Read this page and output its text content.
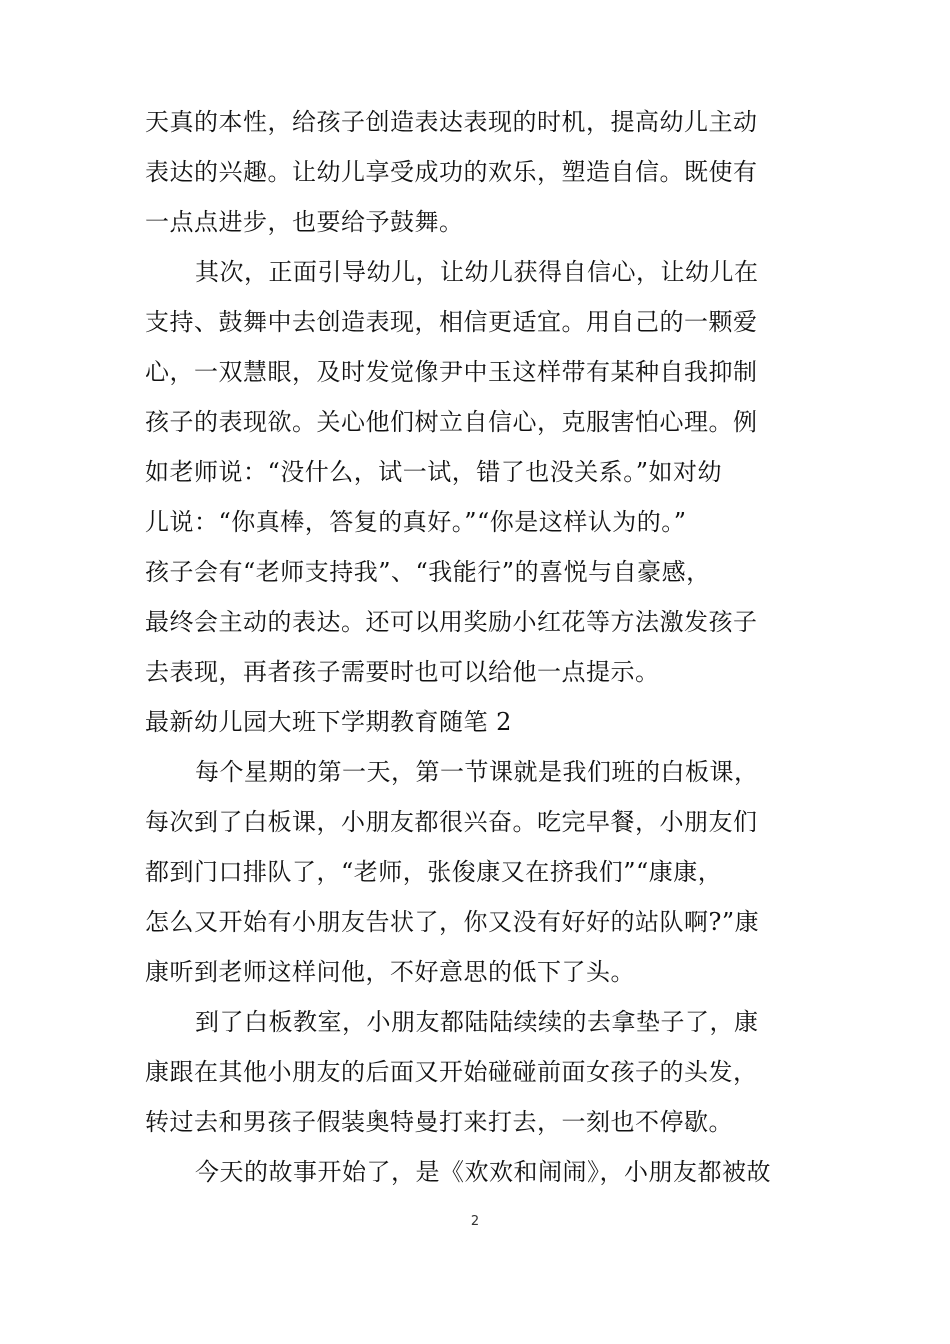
天真的本性，给孩子创造表达表现的时机，提高幼儿主动
表达的兴趣。让幼儿享受成功的欢乐，塑造自信。既使有
一点点进步，也要给予鼓舞。
其次，正面引导幼儿，让幼儿获得自信心，让幼儿在
支持、鼓舞中去创造表现，相信更适宜。用自己的一颗爱
心，一双慧眼，及时发觉像尹中玉这样带有某种自我抑制
孩子的表现欲。关心他们树立自信心，克服害怕心理。例
如老师说：“没什么，试一试，错了也没关系。”如对幼
儿说：“你真棒，答复的真好。”“你是这样认为的。”
孩子会有“老师支持我”、“我能行”的喜悦与自豪感，
最终会主动的表达。还可以用奖励小红花等方法激发孩子
去表现，再者孩子需要时也可以给他一点提示。
最新幼儿园大班下学期教育随笔 2
每个星期的第一天，第一节课就是我们班的白板课，
每次到了白板课，小朋友都很兴奋。吃完早餐，小朋友们
都到门口排队了，“老师，张俊康又在挤我们”“康康，
怎么又开始有小朋友告状了，你又没有好好的站队啊?”康
康听到老师这样问他，不好意思的低下了头。
到了白板教室，小朋友都陆陆续续的去拿垫子了，康
康跟在其他小朋友的后面又开始碰碰前面女孩子的头发，
转过去和男孩子假装奥特曼打来打去，一刻也不停歇。
今天的故事开始了，是《欢欢和闹闹》，小朋友都被故
2
